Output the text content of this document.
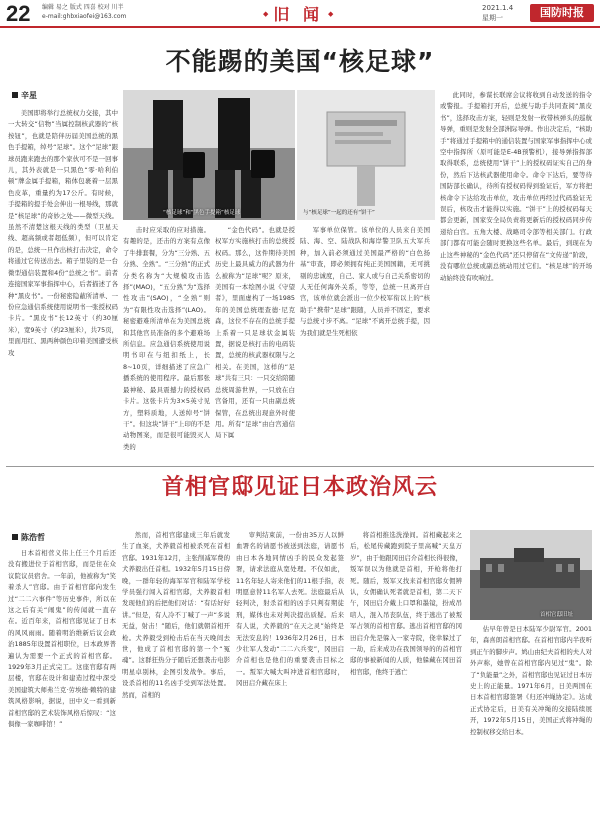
22 编辑 易之 版式 四喜 校对 川半
e-mail:ghbxiaofei@163.com
◆	旧 闻 ◆	2021.1.4
星期一	国防时报
不能踢的美国“核足球”
辛星
美国即将举行总统权力交接，其中一大转交“信物”当属控制核武器的“核按钮”，也就是陪伴历届美国总统的黑色手提箱，绰号“足球”。这个“足球”跟球员跑来跑去的那个家伙可不是一回事儿，其外表就是一只黑色“零·哈利伯顿”牌金属手提箱，箱体包裹着一层黑色皮革，重量约为17公斤。有时候，手提箱的提手处会伸出一根导线，那就是“核足球”的奇妙之处——微型天线。虽然不清楚这根天线的类型（卫星天线、超高频或者超低频），但可以肯定的是，总统一旦作出核打击决定，命令将通过它传送出去。箱子里装的是一台微型通信装置和4份“总统之书”。前者连接国家军事指挥中心，后者描述了各种“黑皮书”。一份秘密隐蔽所清单、一份应急通信系统使用说明书一张授权码卡片。“黑皮书”长12英寸（约30厘米），宽9英寸（约23厘米），共75页，里面用红、黑两种颜色印着美国遭受核攻
“核足球”和“黑色手提箱”核足球	与“核足球”一起的还有“饼干”
击时应采取的应对措施。有趣的是，还击的方案有点像了牛排套餐，分为“三分熟、五分熟、全熟”。“三分熟”的正式分类名称为“大规模攻击选择”(MAO)，“五分熟”为“选择性攻击”(SAO)，“全熟”则为“有限性攻击选择”(LAO)。秘密避难所清单在为美国总统和其他官员准备的多个避难场所信息。应急通信系统使用说明书印在与纽扣纸上，长8~10页，详细描述了应急广播系统的使用程序。最后那张最神秘、最具震撼力的授权码卡片。这张卡片为3×5英寸见方，塑料质地，人送绰号“饼干”。但这块“饼干”上印的不是动物图案，而是很可能毁灭人类的
“金色代码”。也就是授权军方实施核打击的总统授权码。那么，这件期待美国历史上最具威力的武器为什么被称为“足球”呢？原来，美国有一本绘图小说《守望者》，里面虚构了一场1985年的美国总统理查德·尼克森，这位不存在的总统手提上系着一只足球状金属装置，据说是核打击的电码装置，总统的核武器权限与之相关。在美国，这样的“足球”共有三只：一只交给陪随总统周游世界，一只放在白宫备用，还有一只由副总统保管，在总统出现意外时使用。所有“足球”由白宫通信局下属
军事单位保管。该单位的人员来自美国陆、海、空、陆战队和海岸警卫队五大军兵种，加入前必须通过美国最严格的“白色扬基”审查，即必须拥有纯正美国国籍，无可挑剔的忠诚度，自己、家人或与自己关系密切的人无任何海外关系，等等，总统一旦离开白宫，该单位就会派出一位少校军衔以上的“核助手”携带“足球”跟随，人员并不固定，要求与总统寸步不离。“足球”不离开总统手提，因为我们就是生死相依
此同时，参谋长联席会议将收到自动发送的指令或警报。手提箱打开后，总统与助手共同查阅“黑皮书”，选择攻击方案，轻则是发射一枚带核弹头的巡航导弹，重则是发射全部洲际导弹。作出决定后，“核助手”将通过手提箱中的通信装置与国家军事指挥中心或空中指挥所（原可能是E-4B预警机），接导弹指挥部取得联系，总统使用“饼干”上的授权码证实自己的身份，然后下达核武器使用命令。命令下达后，要等待国防部长确认，待所有授权码得到验证后，军方将把核命令下达给攻击单位，攻击单位再经过代码验证无误后，核攻击才能得以实施。“饼干”上的授权码每天都会更新，国家安全局负责将更新后的授权码同步传递给白宫。五角大楼、战略司令部等相关部门。行政部门都有可能会随时更换这些名单。最后，到现在为止这些神秘的“金色代码”还只停留在“文传递”阶段，没有哪位总统或副总统动用过它们。“核足球”的开场动始终没有吹响过。
首相官邸见证日本政治风云
陈浩哲
日本首相菅义伟上任三个月后还没有搬进位于首相官邸，而是住在众议院议员宿舍。一年前，他被称为“笑着杀人”官邸。由于首相官邸向发生过“二二六事件”等历史事件，所以在这之后有关“闹鬼”的传闻就一直存在。近百年来，首相官邸见证了日本的风风雨雨。随着明治维新后议会政治1885年设置首相职位，日本政界普遍认为需要一个正式的首相官邸。1929年3月正式完工。这座官邸有两层楼，官邸在设计和建造过程中深受美国建筑大师弗兰克·劳埃德·赖特的建筑风格影响，据说，田中义一看到新首相官邸的艺术装饰风格后惊叹：“这俱像一家咖啡馆！”
然而，首相官邸建成三年后就发生了血案，犬养毅首相被杀死在首相官邸。1931年12月，主张削减军费的犬养毅出任首相。1932年5月15日傍晚，一群年轻的海军军官和陆军学校学员强行闯入首相官邸，犬养毅首相发现他们的后把他们对话：“有话好好讲。”但是，有人冷不丁喊了一声“多说无益，射击！”随后，他们就朝首相开枪。犬养毅受到枪击后在当天晚间去世，他成了首相官邸的第一个“冤魂”。这群狂热分子随后还想袭击电影明星卓别林，企图引发战争。事后，设杀首相的11名凶手受到军法处置。然而，首相的
审判结束前，一份由35万人以鲜血署名的请愿书被送到法庭，请愿书由日本各地同情凶手的民众发起签署，请求法庭从宽处理。不仅如此，11名年轻人寄来他们的11根手指，表明愿意替11名军人去死。法庭最后从轻判决，射杀首相的凶手只判有期徒刑，媒体也未对判决提出质疑。后来有人说，犬养毅的“在天之灵”始终是无法安息的！1936年2月26日，日本少壮军人发动“二二六兵变”，冈田启介首相也是他们的重要袭击目标之一。叛军大喊大叫冲进首相官邸时，冈田启介藏在床上
将首相推选洗澡间。首相藏起来之后，松尾传藏跑到院子里高喊“天皇万岁”，由于他跟冈田启介首相长得很像，叛军误以为他就是首相，开枪将他打死。随后，叛军又找来首相官邸女佣辨认，女佣确认死者就是首相，第二天下午，冈田启介戴上口罩和墨镜，扮成吊唁人，混入吊丧队伍，终于逃出了被叛军占领的首相官邸。逃出首相官邸的冈田启介先是躲入一家寺院，侥幸躲过了一劫，后来成功在我国领导的的首相官邸的事被新闻的人质，他躲藏在冈田首相官邸，他终于逃亡
首相官邸旧址
估早年曾是日本陆军少尉军官。2001年，森喜朗首相官邸。在首相官邸内半夜听到正午的脚步声。鸠山由纪夫首相的夫人对外声称，她曾在首相官邸内见过“鬼”。除了“负能量”之外，首相官邸也见证过日本历史上的正能量。1971年6月，日美两国在日本首相官邸签署《归还冲绳协定》。达成正式协定后，日美有关冲绳的交接陆续展开，1972年5月15日，美国正式将冲绳的控制权移交给日本。
